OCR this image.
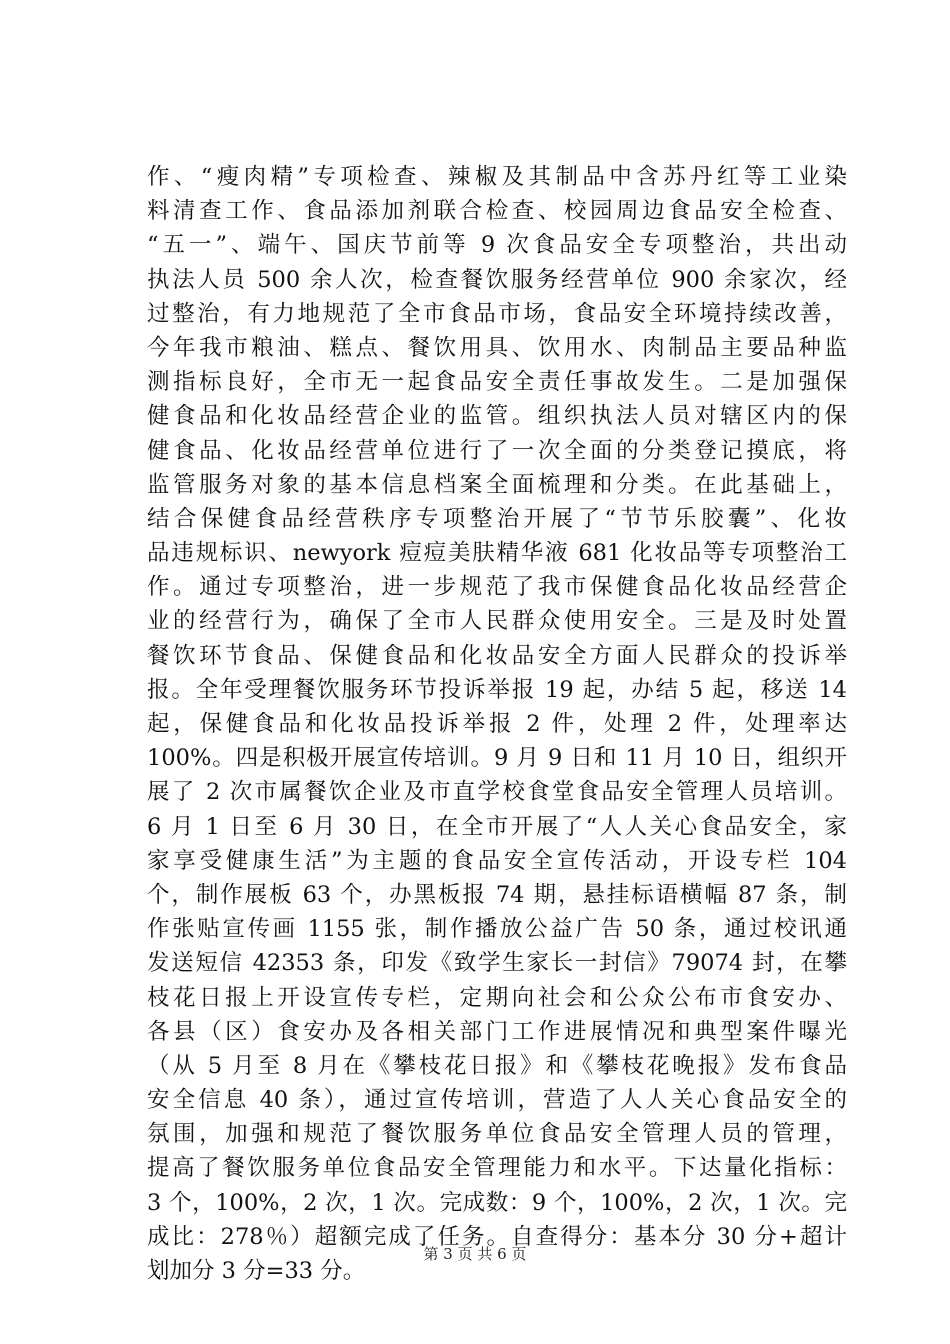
作、“瘦肉精”专项检查、辣椒及其制品中含苏丹红等工业染
料清查工作、食品添加剂联合检查、校园周边食品安全检查、
“五一”、端午、国庆节前等 9 次食品安全专项整治，共出动
执法人员 500 余人次，检查餐饮服务经营单位 900 余家次，经
过整治，有力地规范了全市食品市场，食品安全环境持续改善，
今年我市粮油、糕点、餐饮用具、饮用水、肉制品主要品种监
测指标良好，全市无一起食品安全责任事故发生。二是加强保
健食品和化妆品经营企业的监管。组织执法人员对辖区内的保
健食品、化妆品经营单位进行了一次全面的分类登记摸底，将
监管服务对象的基本信息档案全面梳理和分类。在此基础上，
结合保健食品经营秩序专项整治开展了“节节乐胶囊”、化妆
品违规标识、newyork 痘痘美肤精华液 681 化妆品等专项整治工
作。通过专项整治，进一步规范了我市保健食品化妆品经营企
业的经营行为，确保了全市人民群众使用安全。三是及时处置
餐饮环节食品、保健食品和化妆品安全方面人民群众的投诉举
报。全年受理餐饮服务环节投诉举报 19 起，办结 5 起，移送 14
起，保健食品和化妆品投诉举报 2 件，处理 2 件，处理率达
100%。四是积极开展宣传培训。9 月 9 日和 11 月 10 日，组织开
展了 2 次市属餐饮企业及市直学校食堂食品安全管理人员培训。
6 月 1 日至 6 月 30 日，在全市开展了“人人关心食品安全，家
家享受健康生活”为主题的食品安全宣传活动，开设专栏 104
个，制作展板 63 个，办黑板报 74 期，悬挂标语横幅 87 条，制
作张贴宣传画 1155 张，制作播放公益广告 50 条，通过校讯通
发送短信 42353 条，印发《致学生家长一封信》79074 封，在攀
枝花日报上开设宣传专栏，定期向社会和公众公布市食安办、
各县（区）食安办及各相关部门工作进展情况和典型案件曝光
（从 5 月至 8 月在《攀枝花日报》和《攀枝花晚报》发布食品
安全信息 40 条），通过宣传培训，营造了人人关心食品安全的
氛围，加强和规范了餐饮服务单位食品安全管理人员的管理，
提高了餐饮服务单位食品安全管理能力和水平。下达量化指标：
3 个，100%，2 次，1 次。完成数：9 个，100%，2 次，1 次。完
成比：278％）超额完成了任务。自查得分：基本分 30 分+超计
划加分 3 分=33 分。
第 3 页 共 6 页
